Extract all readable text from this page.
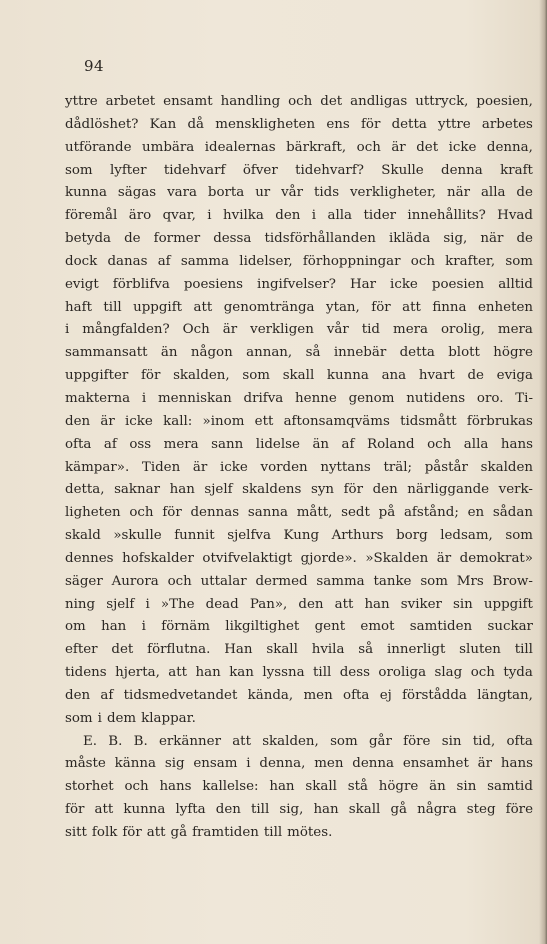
94
yttre arbetet ensamt handling och det andligas uttryck, poesien,
dådlöshet? Kan då menskligheten ens för detta yttre arbetes
utförande umbära idealernas bärkraft, och är det icke denna,
som lyfter tidehvarf öfver tidehvarf? Skulle denna kraft
kunna sägas vara borta ur vår tids verkligheter, när alla de
föremål äro qvar, i hvilka den i alla tider innehållits? Hvad
betyda de former dessa tidsförhållanden ikläda sig, när de
dock danas af samma lidelser, förhoppningar och krafter, som
evigt förblifva poesiens ingifvelser? Har icke poesien alltid
haft till uppgift att genomtränga ytan, för att finna enheten
i mångfalden? Och är verkligen vår tid mera orolig, mera
sammansatt än någon annan, så innebär detta blott högre
uppgifter för skalden, som skall kunna ana hvart de eviga
makterna i menniskan drifva henne genom nutidens oro. Ti-
den är icke kall: »inom ett aftonsamqväms tidsmått förbrukas
ofta af oss mera sann lidelse än af Roland och alla hans
kämpar». Tiden är icke vorden nyttans träl; påstår skalden
detta, saknar han sjelf skaldens syn för den närliggande verk-
ligheten och för dennas sanna mått, sedt på afstånd; en sådan
skald »skulle funnit sjelfva Kung Arthurs borg ledsam, som
dennes hofskalder otvifvelaktigt gjorde». »Skalden är demokrat»
säger Aurora och uttalar dermed samma tanke som Mrs Brow-
ning sjelf i »The dead Pan», den att han sviker sin uppgift
om han i förnäm likgiltighet gent emot samtiden suckar
efter det förflutna. Han skall hvila så innerligt sluten till
tidens hjerta, att han kan lyssna till dess oroliga slag och tyda
den af tidsmedvetandet kända, men ofta ej förstådda längtan,
som i dem klappar.
E. B. B. erkänner att skalden, som går före sin tid, ofta
måste känna sig ensam i denna, men denna ensamhet är hans
storhet och hans kallelse: han skall stå högre än sin samtid
för att kunna lyfta den till sig, han skall gå några steg före
sitt folk för att gå framtiden till mötes.
